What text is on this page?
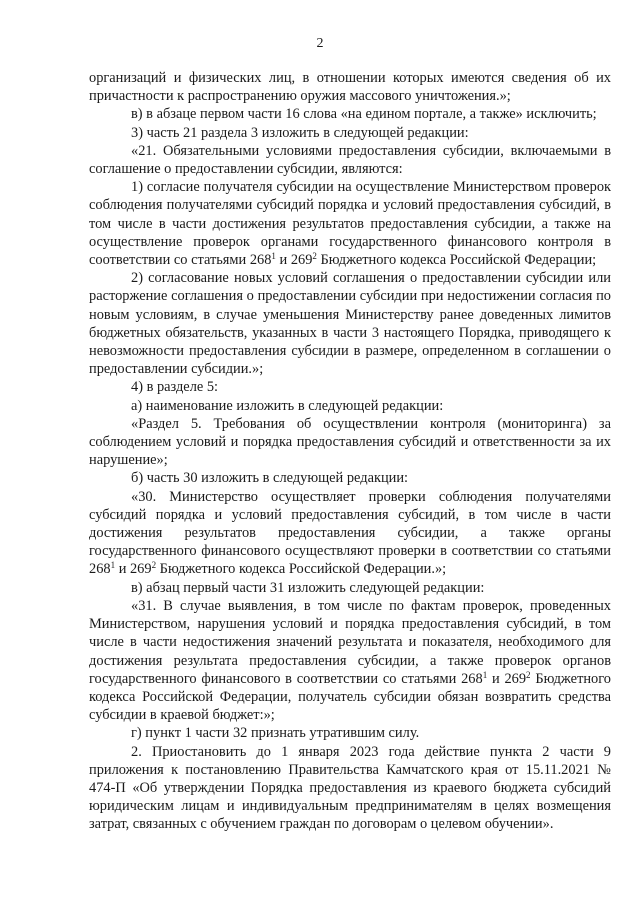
2

организаций и физических лиц, в отношении которых имеются сведения об их причастности к распространению оружия массового уничтожения.»;

в) в абзаце первом части 16 слова «на едином портале, а также» исключить;

3) часть 21 раздела 3 изложить в следующей редакции:

«21. Обязательными условиями предоставления субсидии, включаемыми в соглашение о предоставлении субсидии, являются:

1) согласие получателя субсидии на осуществление Министерством проверок соблюдения получателями субсидий порядка и условий предоставления субсидий, в том числе в части достижения результатов предоставления субсидии, а также на осуществление проверок органами государственного финансового контроля в соответствии со статьями $268^1$ и $269^2$ Бюджетного кодекса Российской Федерации;

2) согласование новых условий соглашения о предоставлении субсидии или расторжение соглашения о предоставлении субсидии при недостижении согласия по новым условиям, в случае уменьшения Министерству ранее доведенных лимитов бюджетных обязательств, указанных в части 3 настоящего Порядка, приводящего к невозможности предоставления субсидии в размере, определенном в соглашении о предоставлении субсидии.»;

4) в разделе 5:

а) наименование изложить в следующей редакции:

«Раздел 5. Требования об осуществлении контроля (мониторинга) за соблюдением условий и порядка предоставления субсидий и ответственности за их нарушение»;

б) часть 30 изложить в следующей редакции:

«30. Министерство осуществляет проверки соблюдения получателями субсидий порядка и условий предоставления субсидий, в том числе в части достижения результатов предоставления субсидии, а также органы государственного финансового осуществляют проверки в соответствии со статьями $268^1$ и $269^2$ Бюджетного кодекса Российской Федерации.»;

в) абзац первый части 31 изложить следующей редакции:

«31. В случае выявления, в том числе по фактам проверок, проведенных Министерством, нарушения условий и порядка предоставления субсидий, в том числе в части недостижения значений результата и показателя, необходимого для достижения результата предоставления субсидии, а также проверок органов государственного финансового в соответствии со статьями $268^1$ и $269^2$ Бюджетного кодекса Российской Федерации, получатель субсидии обязан возвратить средства субсидии в краевой бюджет:»;

г) пункт 1 части 32 признать утратившим силу.

2. Приостановить до 1 января 2023 года действие пункта 2 части 9 приложения к постановлению Правительства Камчатского края от 15.11.2021 № 474-П «Об утверждении Порядка предоставления из краевого бюджета субсидий юридическим лицам и индивидуальным предпринимателям в целях возмещения затрат, связанных с обучением граждан по договорам о целевом обучении».
